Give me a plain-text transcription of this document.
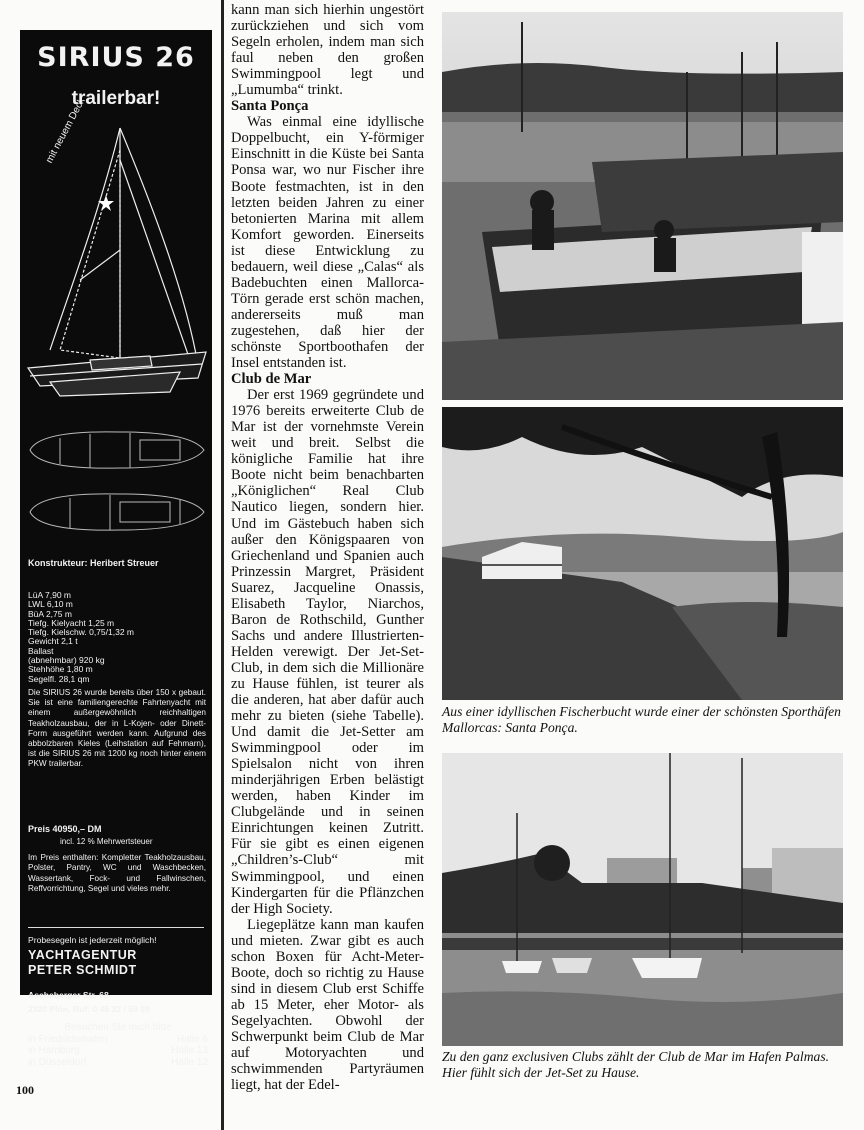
SIRIUS 26
trailerbar!
mit neuem Deck
Konstrukteur: Heribert Streuer
LüA 7,90 m
LWL 6,10 m
BüA 2,75 m
Tiefg. Kielyacht 1,25 m
Tiefg. Kielschw. 0,75/1,32 m
Gewicht 2,1 t
Ballast
(abnehmbar) 920 kg
Stehhöhe 1,80 m
Segelfl. 28,1 qm
Die SIRIUS 26 wurde bereits über 150 x gebaut. Sie ist eine familiengerechte Fahrtenyacht mit einem außergewöhnlich reichhaltigen Teakholzausbau, der in L-Kojen- oder Dinett-Form ausgeführt werden kann. Aufgrund des abbolzbaren Kieles (Leihstation auf Fehmarn), ist die SIRIUS 26 mit 1200 kg noch hinter einem PKW trailerbar.
Preis 40950,– DM
incl. 12 % Mehrwertsteuer
Im Preis enthalten: Kompletter Teakholzausbau, Polster, Pantry, WC und Waschbecken, Wassertank, Fock- und Fallwinschen, Reffvorrichtung, Segel und vieles mehr.
Probesegeln ist jederzeit möglich!
YACHTAGENTUR
PETER SCHMIDT
Ascheberger Str. 68
2320 Plön, Ruf: 0 45 22 / 59 99
Besuchen Sie mich bitte
in Friedrichshafen	Halle 6
in Hamburg	Halle 13
in Düsseldorf	Halle 12
100

kann man sich hierhin ungestört zurückziehen und sich vom Segeln erholen, indem man sich faul neben den großen Swimmingpool legt und „Lumumba“ trinkt.

Santa Ponça

Was einmal eine idyllische Doppelbucht, ein Y-förmiger Einschnitt in die Küste bei Santa Ponsa war, wo nur Fischer ihre Boote festmachten, ist in den letzten beiden Jahren zu einer betonierten Marina mit allem Komfort geworden. Einerseits ist diese Entwicklung zu bedauern, weil diese „Calas“ als Badebuchten einen Mallorca-Törn gerade erst schön machen, andererseits muß man zugestehen, daß hier der schönste Sportboothafen der Insel entstanden ist.

Club de Mar

Der erst 1969 gegründete und 1976 bereits erweiterte Club de Mar ist der vornehmste Verein weit und breit. Selbst die königliche Familie hat ihre Boote nicht beim benachbarten „Königlichen“ Real Club Nautico liegen, sondern hier. Und im Gästebuch haben sich außer den Königspaaren von Griechenland und Spanien auch Prinzessin Margret, Präsident Suarez, Jacqueline Onassis, Elisabeth Taylor, Niarchos, Baron de Rothschild, Gunther Sachs und andere Illustrierten-Helden verewigt. Der Jet-Set-Club, in dem sich die Millionäre zu Hause fühlen, ist teurer als die anderen, hat aber dafür auch mehr zu bieten (siehe Tabelle). Und damit die Jet-Setter am Swimmingpool oder im Spielsalon nicht von ihren minderjährigen Erben belästigt werden, haben Kinder im Clubgelände und in seinen Einrichtungen keinen Zutritt. Für sie gibt es einen eigenen „Children’s-Club“ mit Swimmingpool, und einen Kindergarten für die Pflänzchen der High Society.

Liegeplätze kann man kaufen und mieten. Zwar gibt es auch schon Boxen für Acht-Meter-Boote, doch so richtig zu Hause sind in diesem Club erst Schiffe ab 15 Meter, eher Motor- als Segelyachten. Obwohl der Schwerpunkt beim Club de Mar auf Motoryachten und schwimmenden Partyräumen liegt, hat der Edel-

Aus einer idyllischen Fischerbucht wurde einer der schönsten Sporthäfen Mallorcas: Santa Ponça.
Zu den ganz exclusiven Clubs zählt der Club de Mar im Hafen Palmas. Hier fühlt sich der Jet-Set zu Hause.
